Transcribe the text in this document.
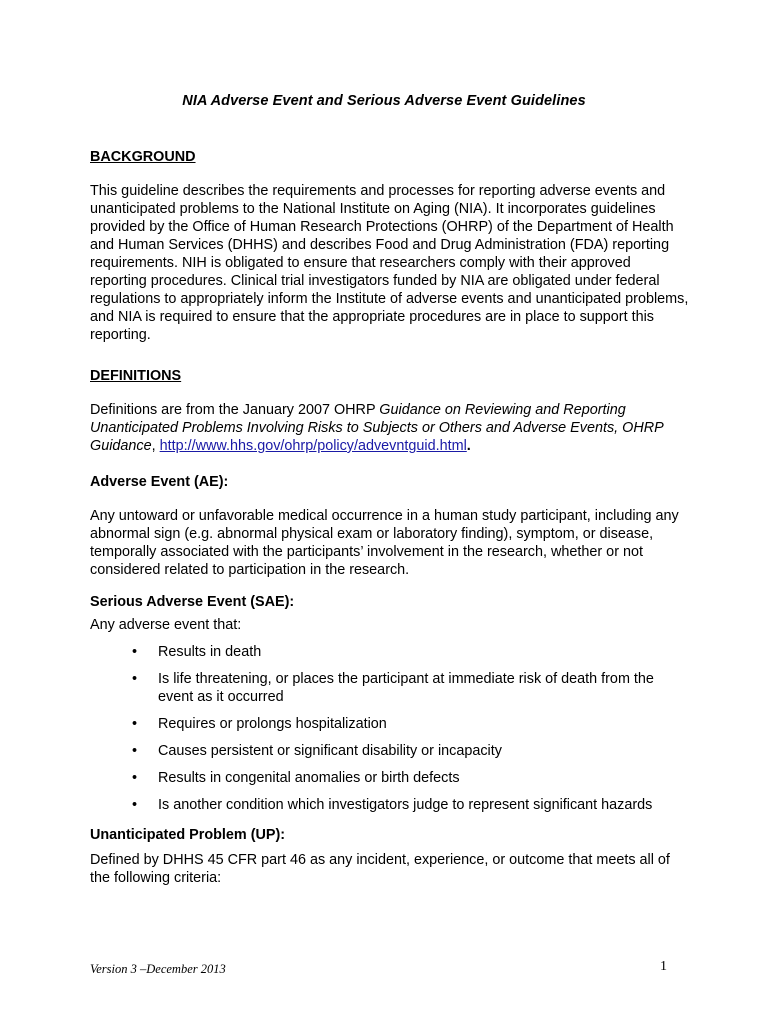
NIA Adverse Event and Serious Adverse Event Guidelines
BACKGROUND

This guideline describes the requirements and processes for reporting adverse events and unanticipated problems to the National Institute on Aging (NIA). It incorporates guidelines provided by the Office of Human Research Protections (OHRP) of the Department of Health and Human Services (DHHS) and describes Food and Drug Administration (FDA) reporting requirements. NIH is obligated to ensure that researchers comply with their approved reporting procedures. Clinical trial investigators funded by NIA are obligated under federal regulations to appropriately inform the Institute of adverse events and unanticipated problems, and NIA is required to ensure that the appropriate procedures are in place to support this reporting.

DEFINITIONS

Definitions are from the January 2007 OHRP Guidance on Reviewing and Reporting Unanticipated Problems Involving Risks to Subjects or Others and Adverse Events, OHRP Guidance, http://www.hhs.gov/ohrp/policy/advevntguid.html.

Adverse Event (AE):

Any untoward or unfavorable medical occurrence in a human study participant, including any abnormal sign (e.g. abnormal physical exam or laboratory finding), symptom, or disease, temporally associated with the participants’ involvement in the research, whether or not considered related to participation in the research.

Serious Adverse Event (SAE):

Any adverse event that:

• Results in death
• Is life threatening, or places the participant at immediate risk of death from the event as it occurred
• Requires or prolongs hospitalization
• Causes persistent or significant disability or incapacity
• Results in congenital anomalies or birth defects
• Is another condition which investigators judge to represent significant hazards

Unanticipated Problem (UP):

Defined by DHHS 45 CFR part 46 as any incident, experience, or outcome that meets all of the following criteria:

Version 3 –December 2013	1
